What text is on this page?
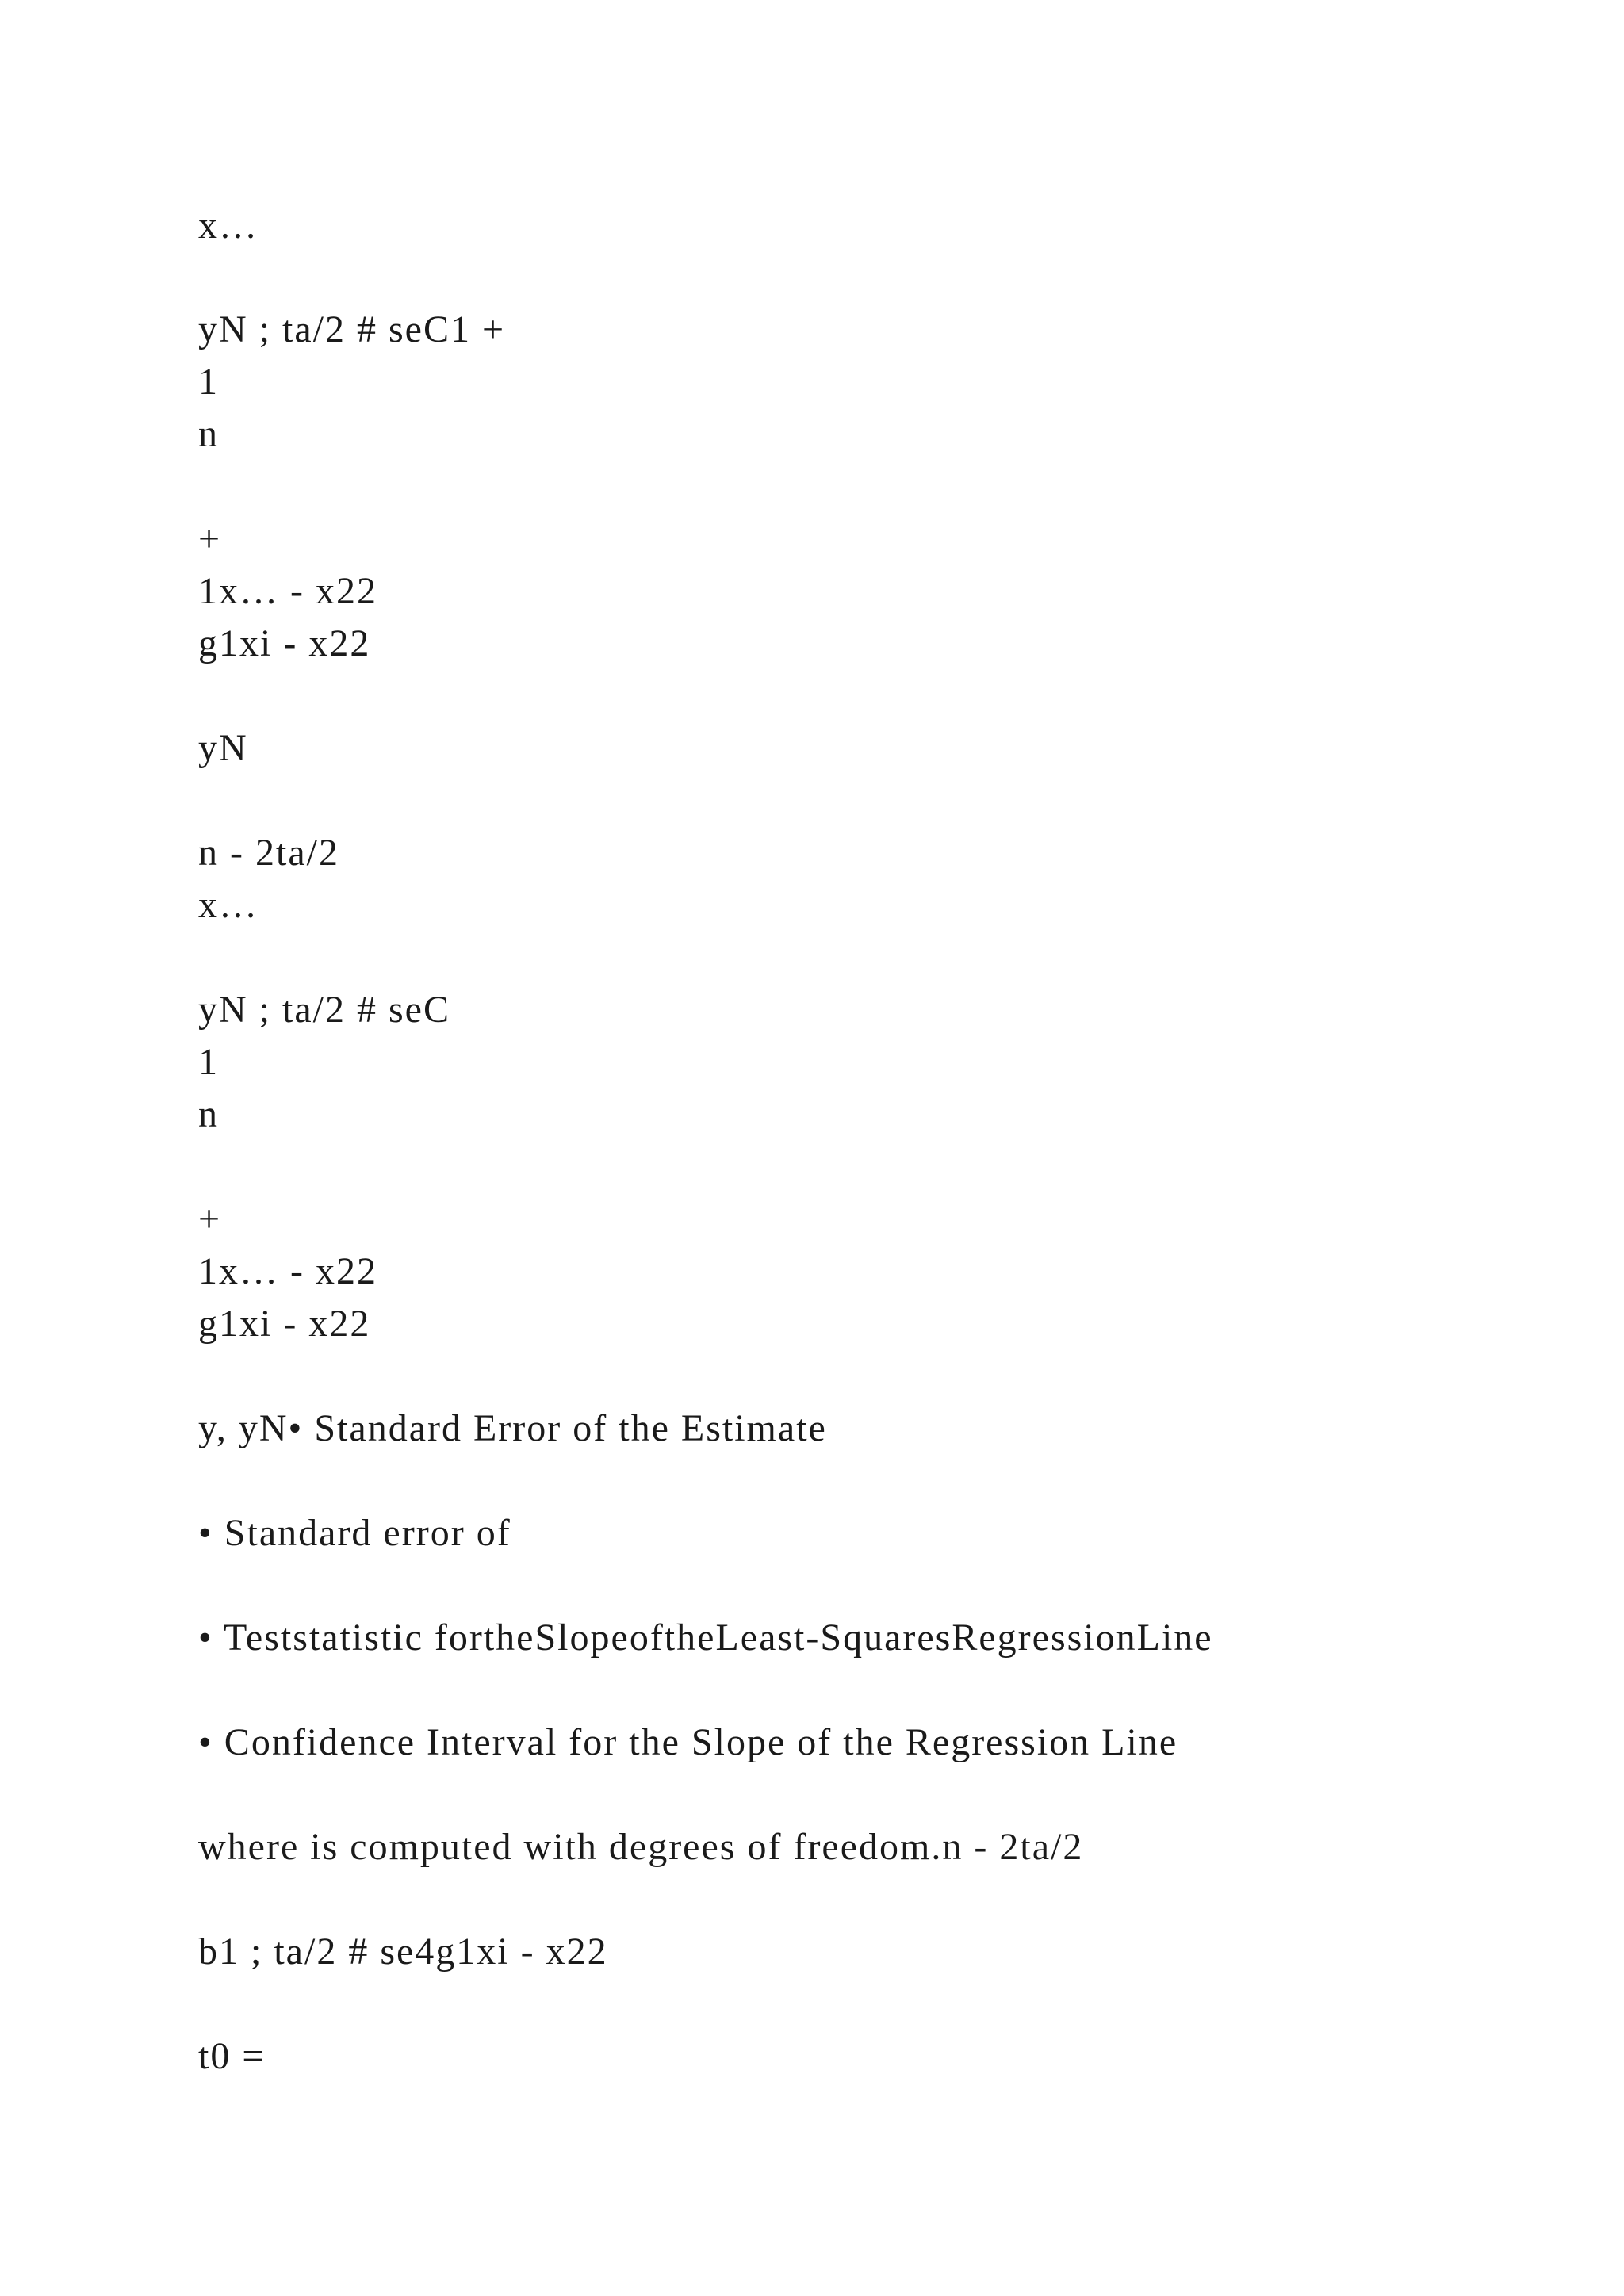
x…

yN ; ta/2 # seC1 +

1

n

+

1x… - x22

g1xi - x22

yN

n - 2ta/2

x…

yN ; ta/2 # seC

1

n

+

1x… - x22

g1xi - x22

y, yN• Standard Error of the Estimate

• Standard error of

• Teststatistic fortheSlopeoftheLeast-SquaresRegressionLine

• Confidence Interval for the Slope of the Regression Line

where is computed with degrees of freedom.n - 2ta/2

b1 ; ta/2 # se4g1xi - x22

t0 =
